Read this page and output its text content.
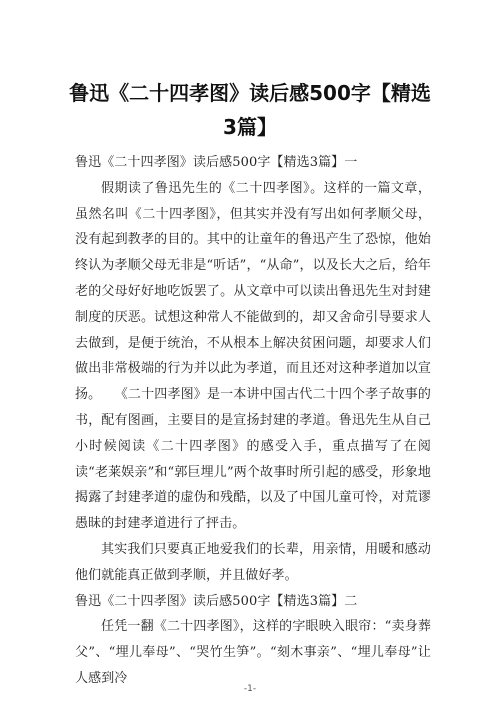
鲁迅《二十四孝图》读后感500字【精选
3篇】

鲁迅《二十四孝图》读后感500字【精选3篇】一

假期读了鲁迅先生的《二十四孝图》。这样的一篇文章，虽然名叫《二十四孝图》，但其实并没有写出如何孝顺父母，没有起到教孝的目的。其中的让童年的鲁迅产生了恐惊，他始终认为孝顺父母无非是“听话”，“从命”，以及长大之后，给年老的父母好好地吃饭罢了。从文章中可以读出鲁迅先生对封建制度的厌恶。试想这种常人不能做到的，却又舍命引导要求人去做到，是便于统治，不从根本上解决贫困问题，却要求人们做出非常极端的行为并以此为孝道，而且还对这种孝道加以宣扬。　　《二十四孝图》是一本讲中国古代二十四个孝子故事的书，配有图画，主要目的是宣扬封建的孝道。鲁迅先生从自己小时候阅读《二十四孝图》的感受入手，重点描写了在阅读“老莱娱亲”和“郭巨埋儿”两个故事时所引起的感受，形象地揭露了封建孝道的虚伪和残酷，以及了中国儿童可怜，对荒谬愚昧的封建孝道进行了抨击。

其实我们只要真正地爱我们的长辈，用亲情，用暖和感动他们就能真正做到孝顺，并且做好孝。

鲁迅《二十四孝图》读后感500字【精选3篇】二

任凭一翻《二十四孝图》，这样的字眼映入眼帘：“卖身葬父”、“埋儿奉母”、“哭竹生笋”。“刻木事亲”、“埋儿奉母”让人感到冷

-1-
